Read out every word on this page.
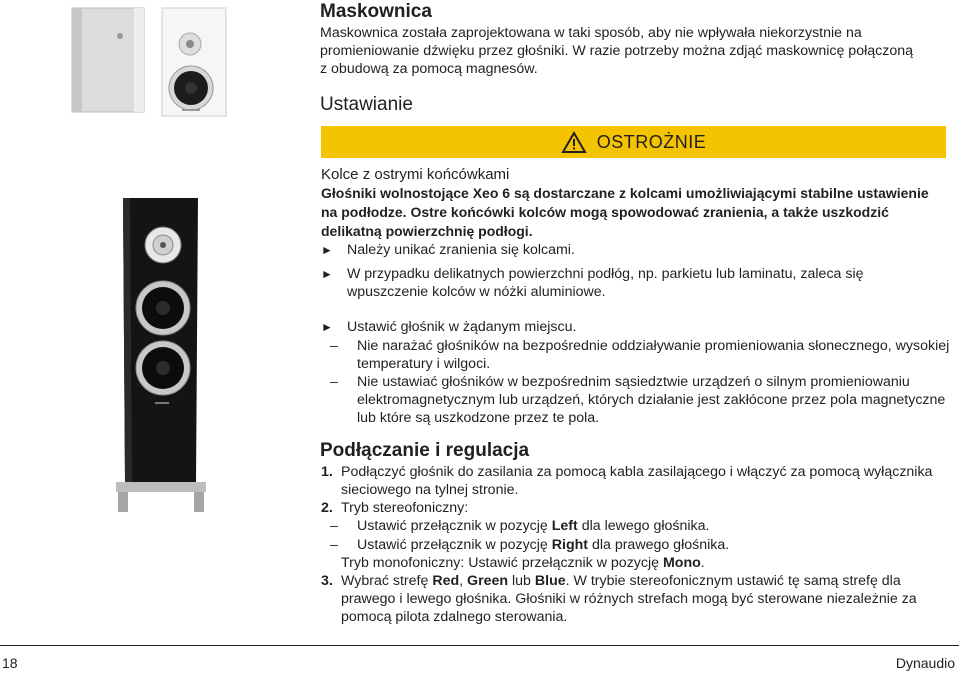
Maskownica
Maskownica została zaprojektowana w taki sposób, aby nie wpływała niekorzystnie na promieniowanie dźwięku przez głośniki. W razie potrzeby można zdjąć maskownicę połączoną z obudową za pomocą magnesów.
Ustawianie
OSTROŻNIE
Kolce z ostrymi końcówkami
Głośniki wolnostojące Xeo 6 są dostarczane z kolcami umożliwiającymi stabilne ustawienie na podłodze. Ostre końcówki kolców mogą spowodować zranienia, a także uszkodzić delikatną powierzchnię podłogi.
► Należy unikać zranienia się kolcami.
► W przypadku delikatnych powierzchni podłóg, np. parkietu lub laminatu, zaleca się wpuszczenie kolców w nóżki aluminiowe.
► Ustawić głośnik w żądanym miejscu.
–	Nie narażać głośników na bezpośrednie oddziaływanie promieniowania słonecznego, wysokiej temperatury i wilgoci.
–	Nie ustawiać głośników w bezpośrednim sąsiedztwie urządzeń o silnym promieniowaniu elektromagnetycznym lub urządzeń, których działanie jest zakłócone przez pola magnetyczne lub które są uszkodzone przez te pola.
Podłączanie i regulacja
1. Podłączyć głośnik do zasilania za pomocą kabla zasilającego i włączyć za pomocą wyłącznika sieciowego na tylnej stronie.
2. Tryb stereofoniczny:
–	Ustawić przełącznik w pozycję Left dla lewego głośnika.
–	Ustawić przełącznik w pozycję Right dla prawego głośnika.
Tryb monofoniczny: Ustawić przełącznik w pozycję Mono.
3. Wybrać strefę Red, Green lub Blue. W trybie stereofonicznym ustawić tę samą strefę dla prawego i lewego głośnika. Głośniki w różnych strefach mogą być sterowane niezależnie za pomocą pilota zdalnego sterowania.
18	Dynaudio
